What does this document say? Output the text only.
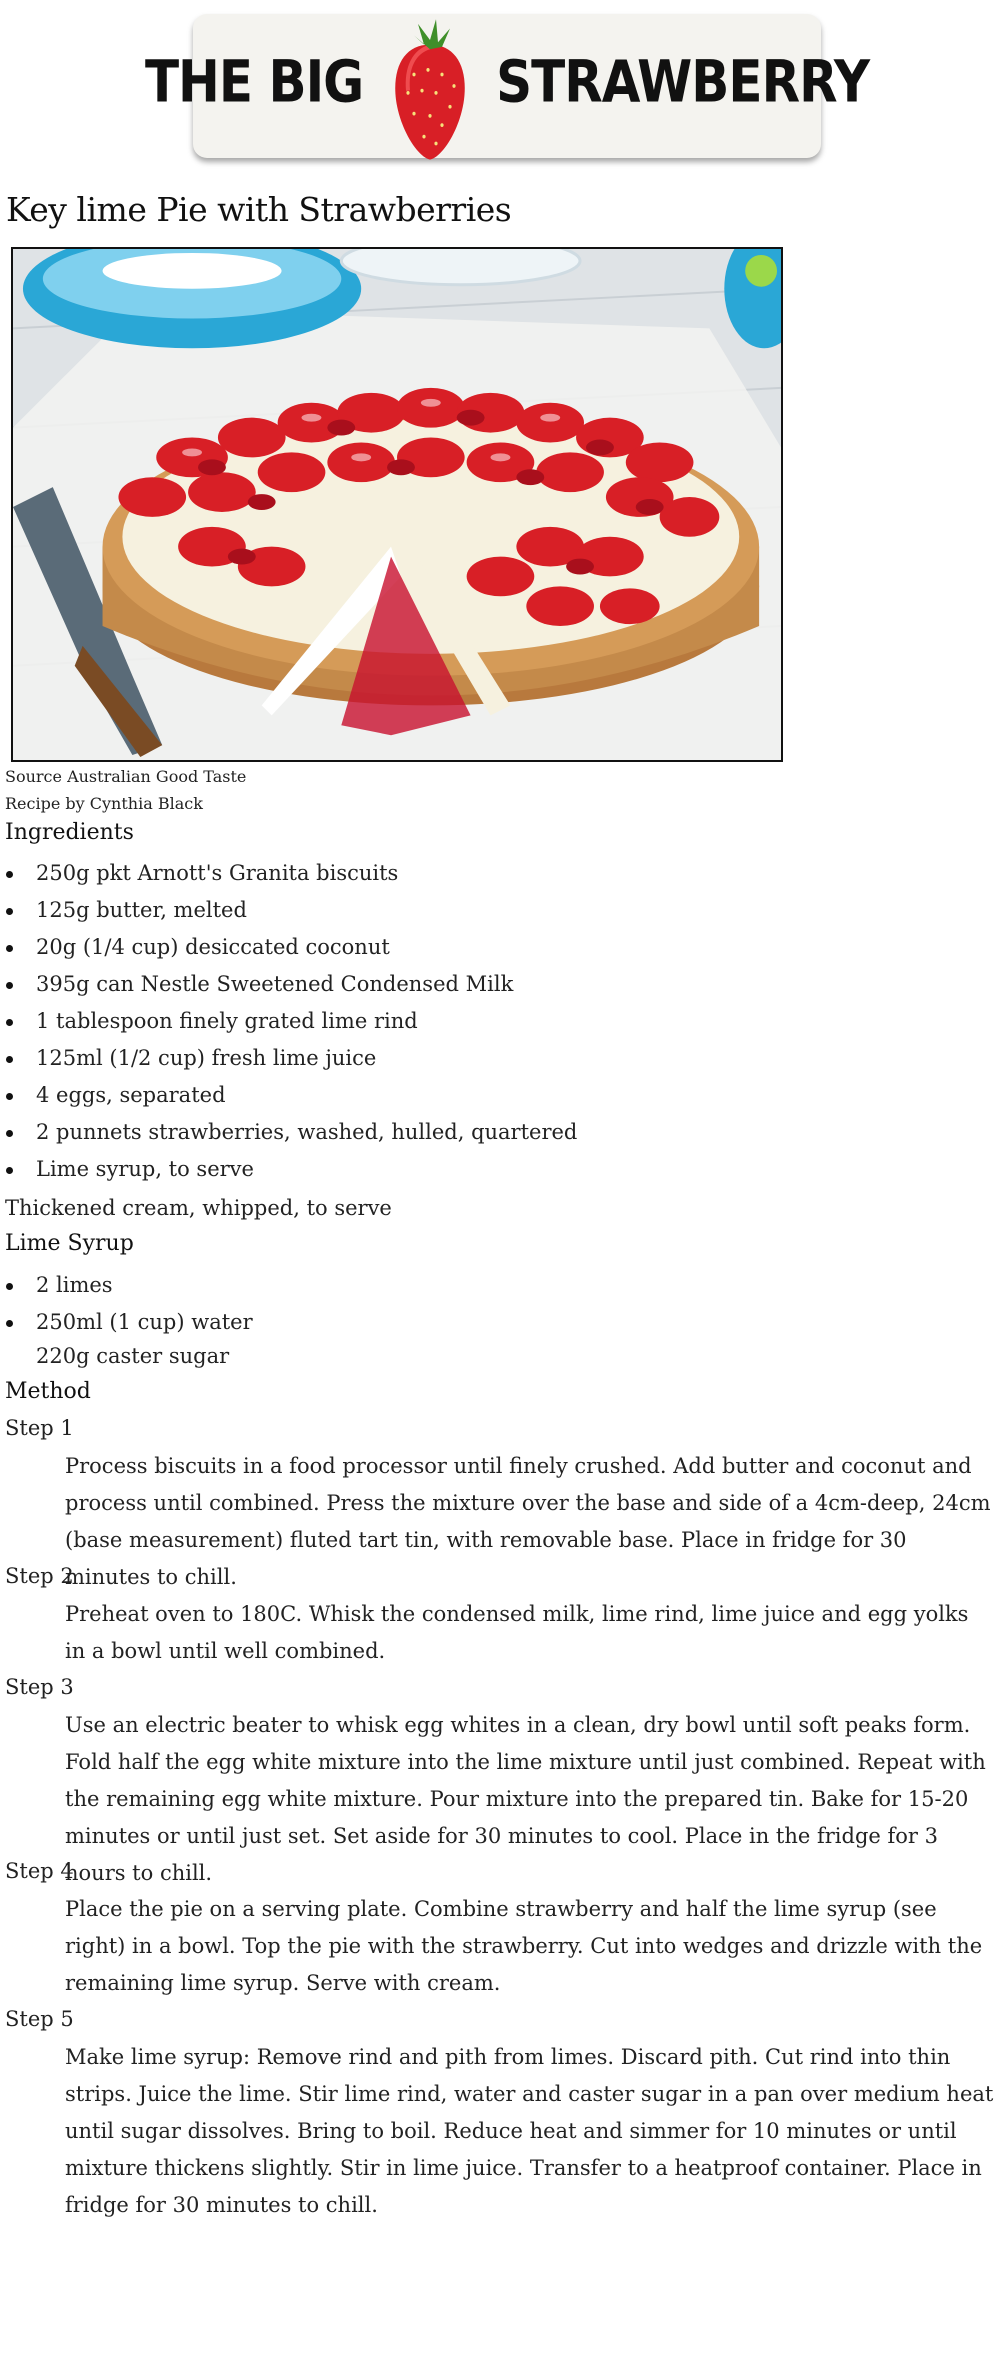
THE BIG	STRAWBERRY
Key lime Pie with Strawberries
Source Australian Good Taste
Recipe by Cynthia Black
Ingredients
250g pkt Arnott's Granita biscuits
125g butter, melted
20g (1/4 cup) desiccated coconut
395g can Nestle Sweetened Condensed Milk
1 tablespoon finely grated lime rind
125ml (1/2 cup) fresh lime juice
4 eggs, separated
2 punnets strawberries, washed, hulled, quartered
Lime syrup, to serve
Thickened cream, whipped, to serve
Lime Syrup
2 limes
250ml (1 cup) water
220g caster sugar
Method
Step 1

Process biscuits in a food processor until finely crushed. Add butter and coconut and process until combined. Press the mixture over the base and side of a 4cm-deep, 24cm (base measurement) fluted tart tin, with removable base. Place in fridge for 30 minutes to chill.

Step 2

Preheat oven to 180C. Whisk the condensed milk, lime rind, lime juice and egg yolks in a bowl until well combined.

Step 3

Use an electric beater to whisk egg whites in a clean, dry bowl until soft peaks form. Fold half the egg white mixture into the lime mixture until just combined. Repeat with the remaining egg white mixture. Pour mixture into the prepared tin. Bake for 15-20 minutes or until just set. Set aside for 30 minutes to cool. Place in the fridge for 3 hours to chill.

Step 4

Place the pie on a serving plate. Combine strawberry and half the lime syrup (see right) in a bowl. Top the pie with the strawberry. Cut into wedges and drizzle with the remaining lime syrup. Serve with cream.

Step 5

Make lime syrup: Remove rind and pith from limes. Discard pith. Cut rind into thin strips. Juice the lime. Stir lime rind, water and caster sugar in a pan over medium heat until sugar dissolves. Bring to boil. Reduce heat and simmer for 10 minutes or until mixture thickens slightly. Stir in lime juice. Transfer to a heatproof container. Place in fridge for 30 minutes to chill.
